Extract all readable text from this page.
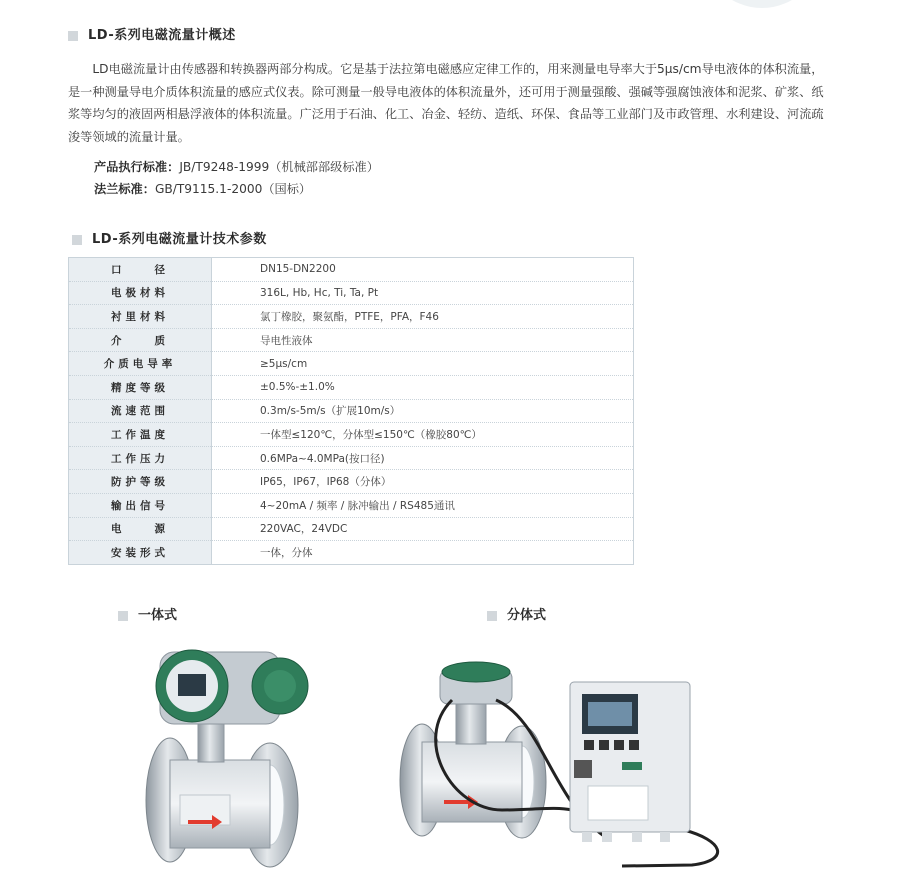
LD-系列电磁流量计概述

LD电磁流量计由传感器和转换器两部分构成。它是基于法拉第电磁感应定律工作的，用来测量电导率大于5μs/cm导电液体的体积流量，是一种测量导电介质体积流量的感应式仪表。除可测量一般导电液体的体积流量外，还可用于测量强酸、强碱等强腐蚀液体和泥浆、矿浆、纸浆等均匀的液固两相悬浮液体的体积流量。广泛用于石油、化工、冶金、轻纺、造纸、环保、食品等工业部门及市政管理、水利建设、河流疏浚等领域的流量计量。

产品执行标准：JB/T9248-1999（机械部部级标准）
法兰标准：GB/T9115.1-2000（国标）
LD-系列电磁流量计技术参数
口　　径	DN15-DN2200
电极材料	316L, Hb, Hc, Ti, Ta, Pt
衬里材料	氯丁橡胶，聚氨酯，PTFE，PFA，F46
介　　质	导电性液体
介质电导率	≥5μs/cm
精度等级	±0.5%-±1.0%
流速范围	0.3m/s-5m/s（扩展10m/s）
工作温度	一体型≤120℃，分体型≤150℃（橡胶80℃）
工作压力	0.6MPa~4.0MPa(按口径)
防护等级	IP65，IP67，IP68（分体）
输出信号	4~20mA / 频率 / 脉冲输出 / RS485通讯
电　　源	220VAC，24VDC
安装形式	一体，分体
一体式	分体式
